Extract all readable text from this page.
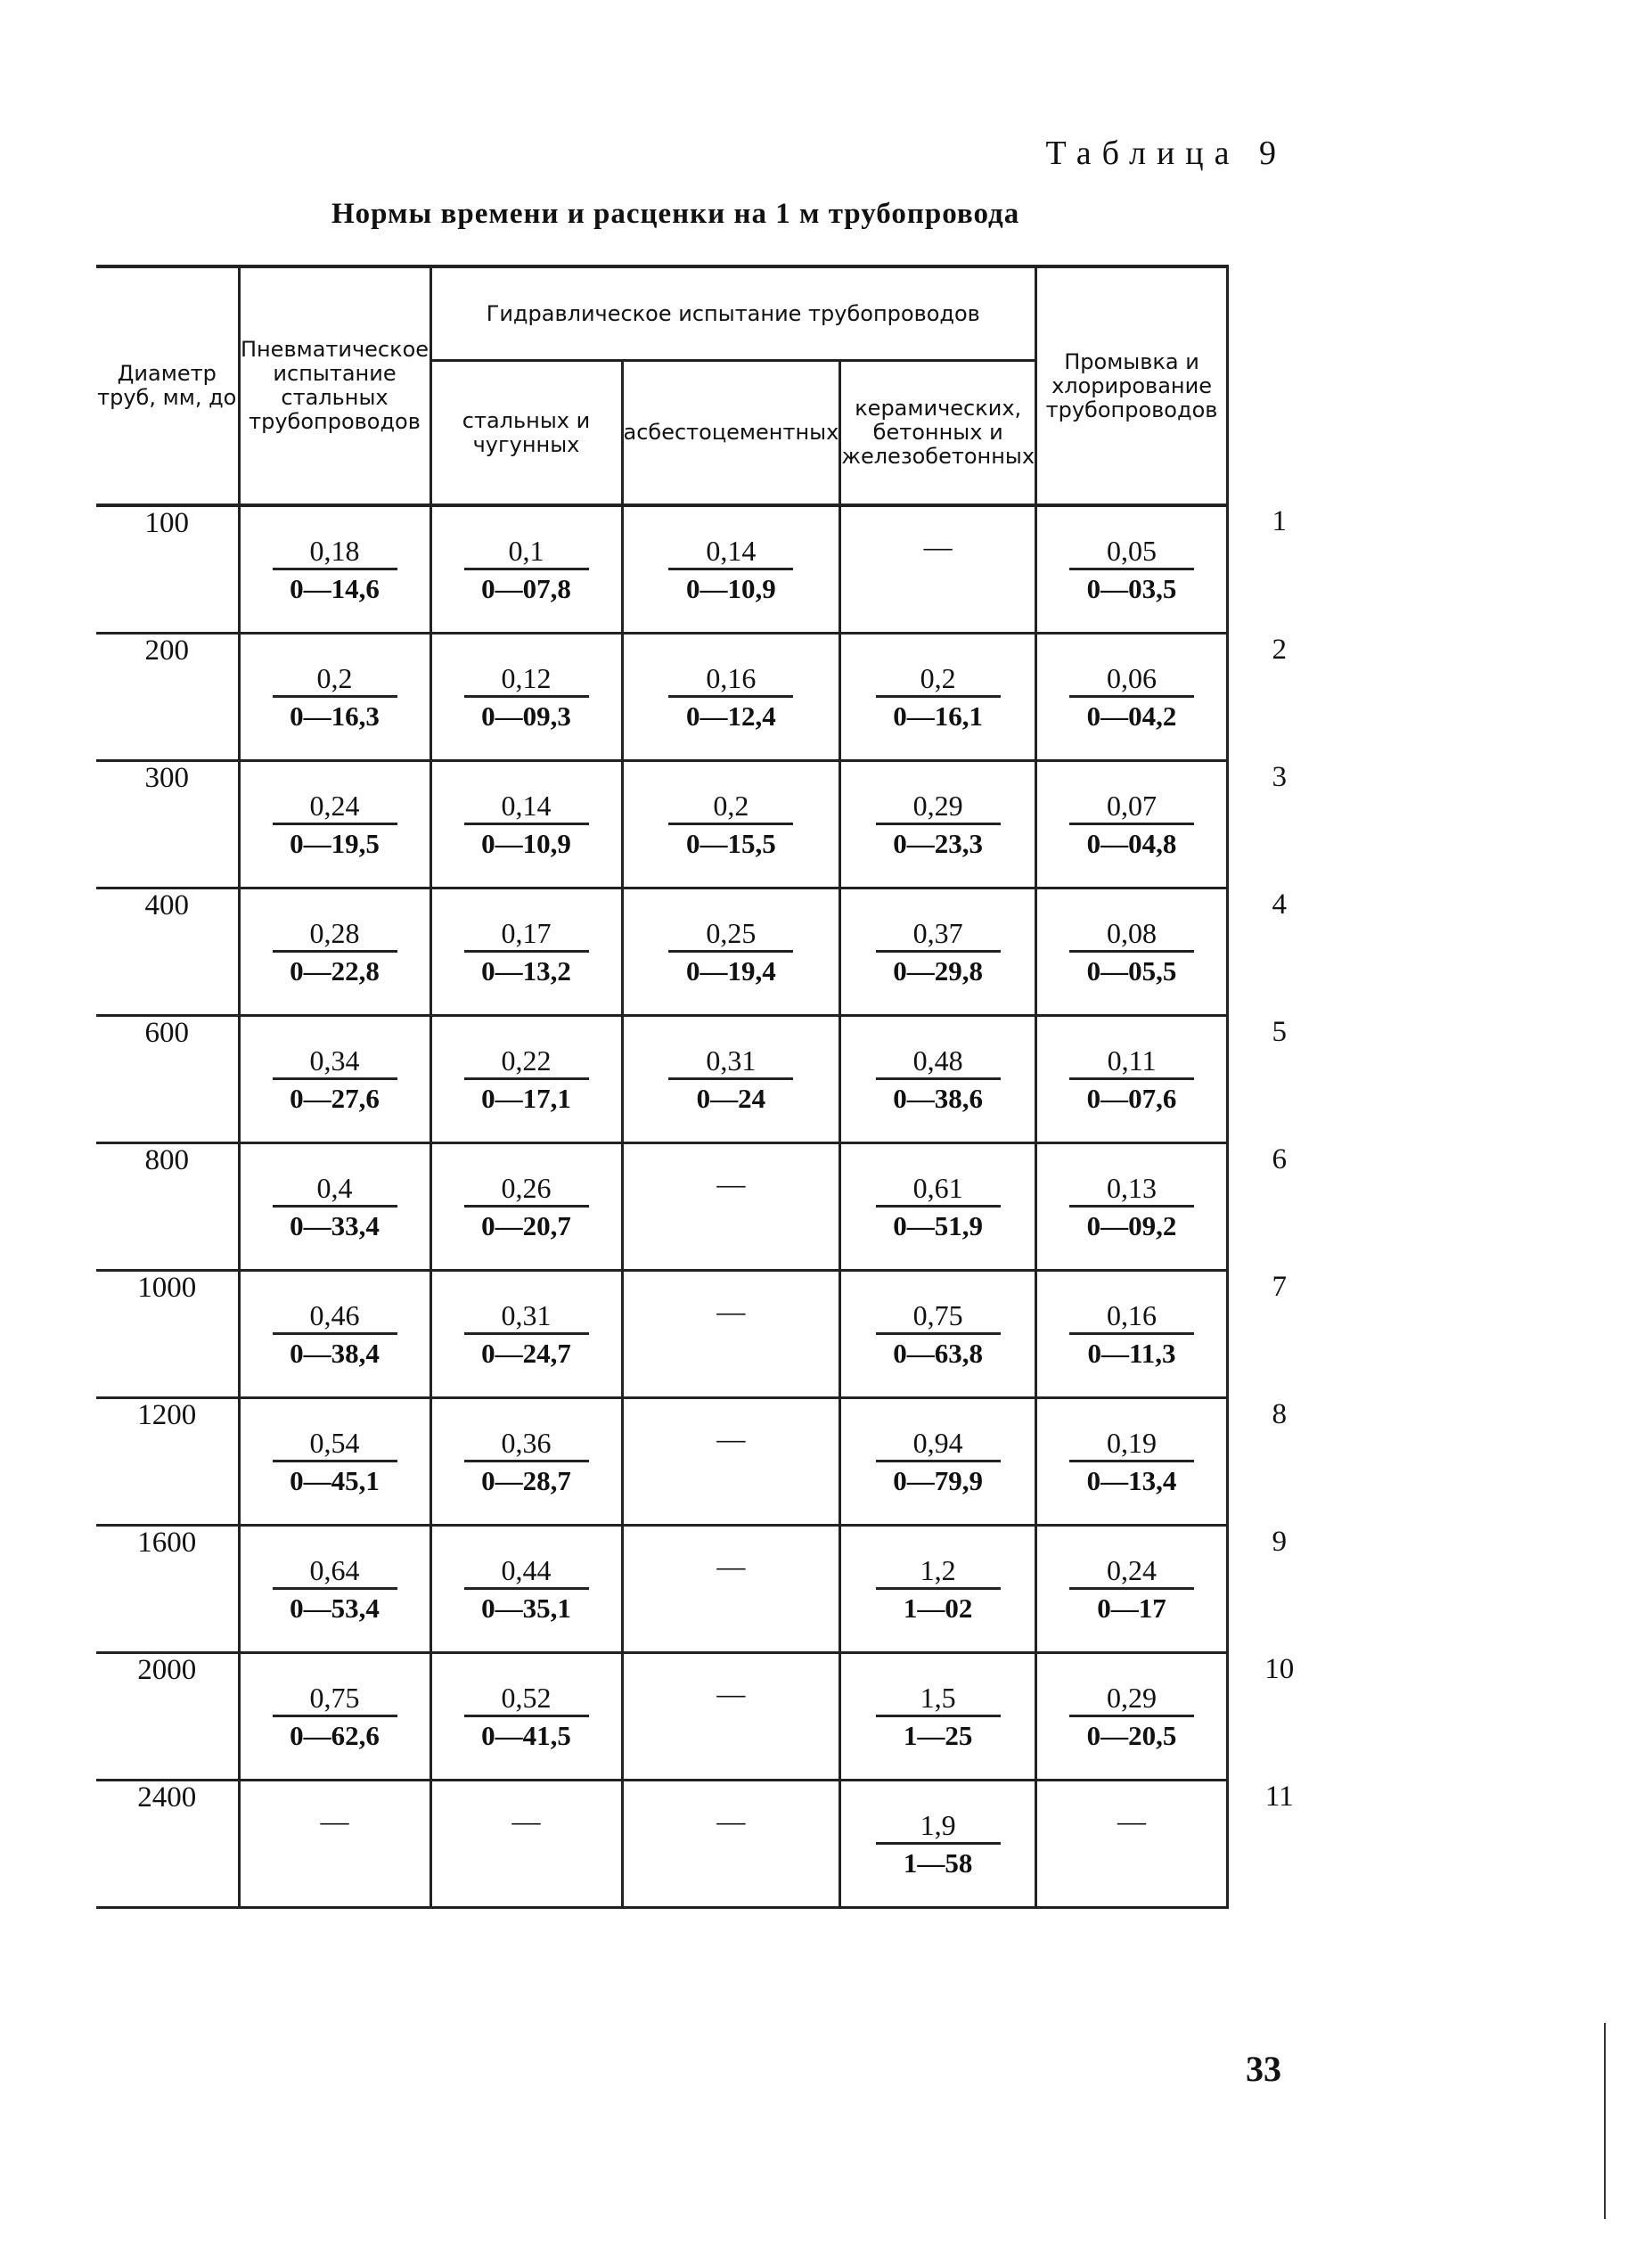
Таблица 9
Нормы времени и расценки на 1 м трубопровода
Диаметр труб, мм, до	Пневматическое испытание стальных трубопроводов	Гидравлическое испытание трубопроводов			Промывка и хлорирование трубопроводов	
		стальных и чугунных	асбестоцементных	керамических, бетонных и железобетонных		
100	$\frac{0,18}{0—14,6}$	$\frac{0,1}{0—07,8}$	$\frac{0,14}{0—10,9}$	—	$\frac{0,05}{0—03,5}$	1
200	$\frac{0,2}{0—16,3}$	$\frac{0,12}{0—09,3}$	$\frac{0,16}{0—12,4}$	$\frac{0,2}{0—16,1}$	$\frac{0,06}{0—04,2}$	2
300	$\frac{0,24}{0—19,5}$	$\frac{0,14}{0—10,9}$	$\frac{0,2}{0—15,5}$	$\frac{0,29}{0—23,3}$	$\frac{0,07}{0—04,8}$	3
400	$\frac{0,28}{0—22,8}$	$\frac{0,17}{0—13,2}$	$\frac{0,25}{0—19,4}$	$\frac{0,37}{0—29,8}$	$\frac{0,08}{0—05,5}$	4
600	$\frac{0,34}{0—27,6}$	$\frac{0,22}{0—17,1}$	$\frac{0,31}{0—24}$	$\frac{0,48}{0—38,6}$	$\frac{0,11}{0—07,6}$	5
800	$\frac{0,4}{0—33,4}$	$\frac{0,26}{0—20,7}$	—	$\frac{0,61}{0—51,9}$	$\frac{0,13}{0—09,2}$	6
1000	$\frac{0,46}{0—38,4}$	$\frac{0,31}{0—24,7}$	—	$\frac{0,75}{0—63,8}$	$\frac{0,16}{0—11,3}$	7
1200	$\frac{0,54}{0—45,1}$	$\frac{0,36}{0—28,7}$	—	$\frac{0,94}{0—79,9}$	$\frac{0,19}{0—13,4}$	8
1600	$\frac{0,64}{0—53,4}$	$\frac{0,44}{0—35,1}$	—	$\frac{1,2}{1—02}$	$\frac{0,24}{0—17}$	9
2000	$\frac{0,75}{0—62,6}$	$\frac{0,52}{0—41,5}$	—	$\frac{1,5}{1—25}$	$\frac{0,29}{0—20,5}$	10
2400	—	—	—	$\frac{1,9}{1—58}$	—	11
33
